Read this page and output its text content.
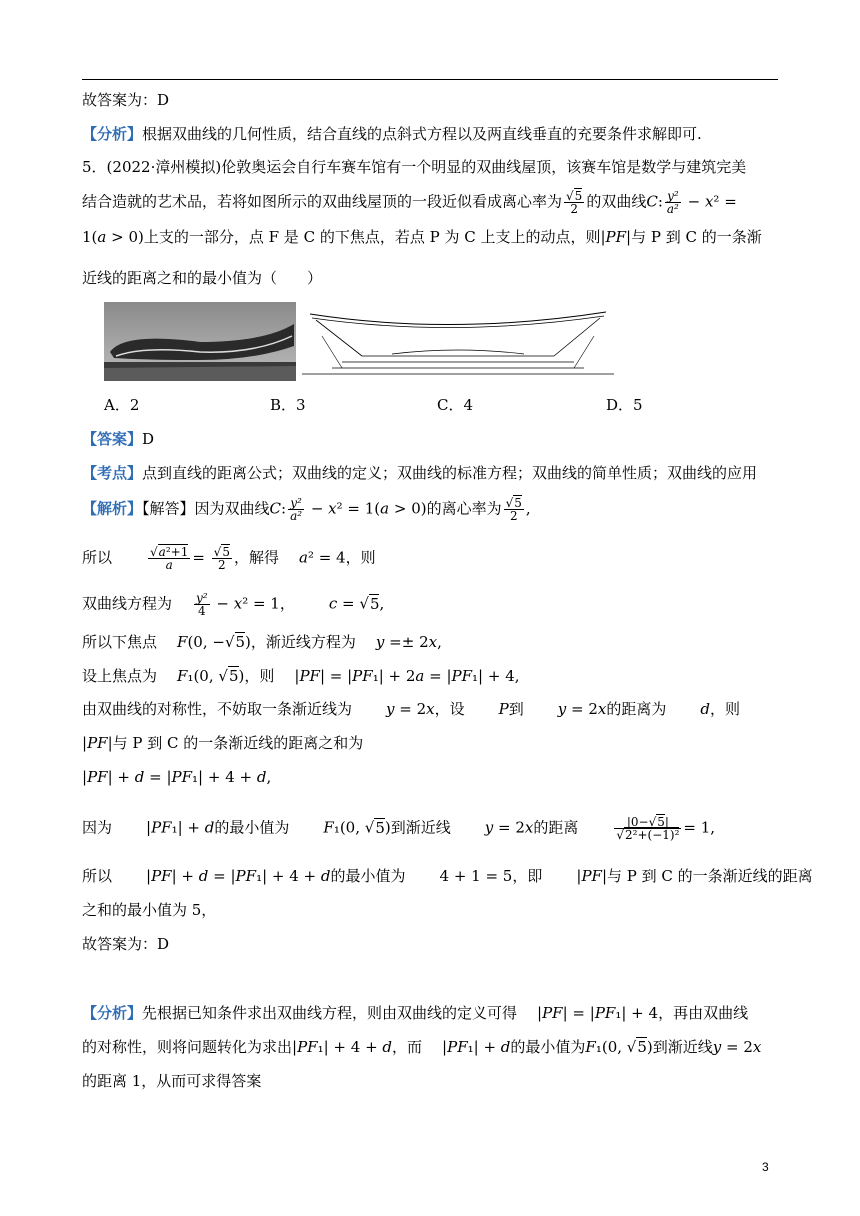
故答案为：D
【分析】根据双曲线的几何性质，结合直线的点斜式方程以及两直线垂直的充要条件求解即可.
5．(2022·漳州模拟)伦敦奥运会自行车赛车馆有一个明显的双曲线屋顶，该赛车馆是数学与建筑完美
结合造就的艺术品，若将如图所示的双曲线屋顶的一段近似看成离心率为 $\frac{√5}{2}$ 的双曲线C: $\frac{\text{y²}}{\text{a²}} - x^2$ =
1(a > 0)上支的一部分，点 F 是 C 的下焦点，若点 P 为 C 上支上的动点，则|PF|与 P 到 C 的一条渐
近线的距离之和的最小值为（　　）
A．2	B．3	C．4	D．5
【答案】D
【考点】点到直线的距离公式；双曲线的定义；双曲线的标准方程；双曲线的简单性质；双曲线的应用
【解析】【解答】因为双曲线C: $\frac{\text{y²}}{\text{a²}} - x^2 = 1(a > 0)$的离心率为 $\frac{√5}{2}$ ,
所以	$\frac{\text{√a²+1}}{a} = \frac{√5}{2}$ ，解得 a² = 4，则
双曲线方程为 $\frac{\text{y²}}{4} - x^2 = 1$， c = √5,
所以下焦点 F(0, −√5)，渐近线方程为 y =± 2x,
设上焦点为 F₁(0, √5)，则 |PF| = |PF₁| + 2a = |PF₁| + 4,
由双曲线的对称性，不妨取一条渐近线为 y = 2x，设 P到 y = 2x的距离为 d，则
|PF|与 P 到 C 的一条渐近线的距离之和为
|PF| + d = |PF₁| + 4 + d,
因为 |PF₁| + d的最小值为 F₁(0, √5)到渐近线 y = 2x的距离	$\frac{|0-√5|}{\text{√2²+(−1)²}} = 1$,
所以 |PF| + d = |PF₁| + 4 + d的最小值为 4 + 1 = 5，即 |PF|与 P 到 C 的一条渐近线的距离
之和的最小值为 5，
故答案为：D
【分析】先根据已知条件求出双曲线方程，则由双曲线的定义可得 |PF| = |PF₁| + 4，再由双曲线
的对称性，则将问题转化为求出|PF₁| + 4 + d，而 |PF₁| + d的最小值为F₁(0, √5)到渐近线y = 2x
的距离 1，从而可求得答案
3
